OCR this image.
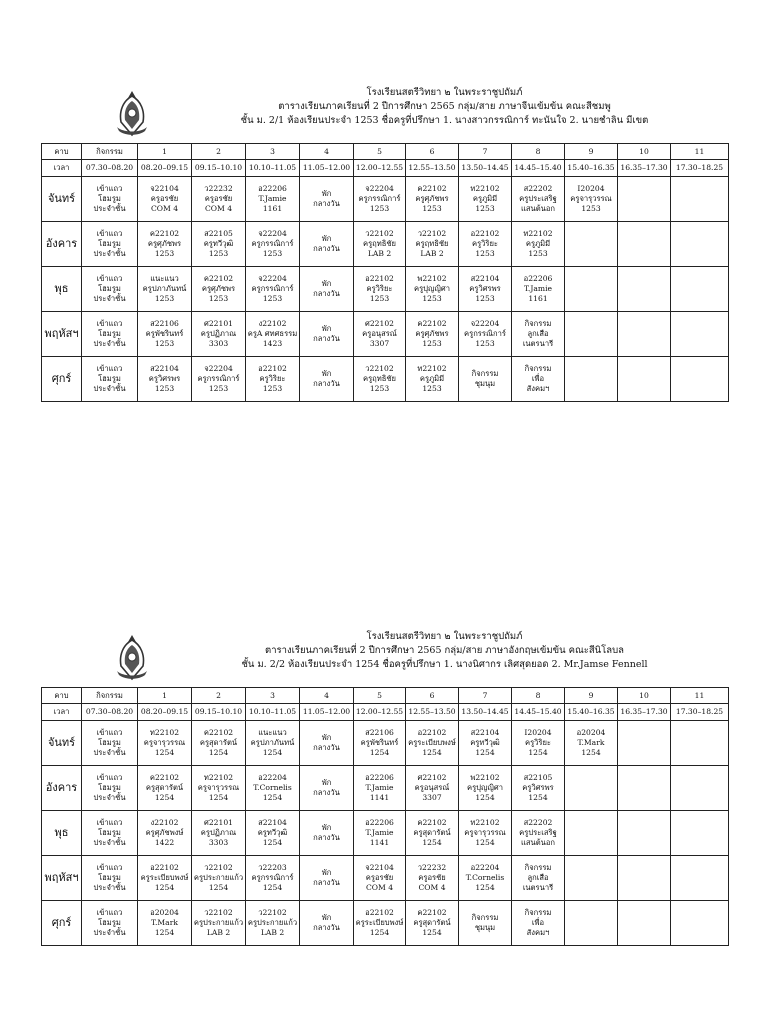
โรงเรียนสตรีวิทยา ๒ ในพระราชูปถัมภ์
ตารางเรียนภาคเรียนที่ 2 ปีการศึกษา 2565 กลุ่ม/สาย ภาษาจีนเข้มข้น คณะสีชมพู
ชั้น ม. 2/1 ห้องเรียนประจำ 1253 ชื่อครูที่ปรึกษา 1. นางสาวกรรณิการ์ ทะนันใจ 2. นายชำลิน มีเขต
คาบ	กิจกรรม	1	2	3	4	5	6	7	8	9	10	11
เวลา	07.30–08.20	08.20–09.15	09.15–10.10	10.10–11.05	11.05–12.00	12.00–12.55	12.55–13.50	13.50–14.45	14.45–15.40	15.40–16.35	16.35–17.30	17.30–18.25
จันทร์	เข้าแถว
โฮมรูม
ประจำชั้น	จ22104
ครูอรชัย
COM 4	ว22232
ครูอรชัย
COM 4	อ22206
T.Jamie
1161	พัก
กลางวัน	จ22204
ครูกรรณิการ์
1253	ค22102
ครูศุภัชพร
1253	ท22102
ครูภูมิมี
1253	ส22202
ครูประเสริฐ
แสนต้นอก	I20204
ครูจารุวรรณ
1253		

อังคาร	เข้าแถว
โฮมรูม
ประจำชั้น	ค22102
ครูศุภัชพร
1253	ส22105
ครูทวีวุฒิ
1253	จ22204
ครูกรรณิการ์
1253	พัก
กลางวัน	ว22102
ครูฤทธิชัย
LAB 2	ว22102
ครูฤทธิชัย
LAB 2	อ22102
ครูวิริยะ
1253	ท22102
ครูภูมิมี
1253			

พุธ	เข้าแถว
โฮมรูม
ประจำชั้น	แนะแนว
ครูปภาภันทน์
1253	ค22102
ครูศุภัชพร
1253	จ22204
ครูกรรณิการ์
1253	พัก
กลางวัน	อ22102
ครูวิริยะ
1253	พ22102
ครูปุญญิศา
1253	ส22104
ครูวิศรพร
1253	อ22206
T.Jamie
1161			

พฤหัสฯ	เข้าแถว
โฮมรูม
ประจำชั้น	ส22106
ครูพัชรินทร์
1253	ศ22101
ครูปฏิภาณ
3303	ง22102
ครูA ศทศธรรม
1423	พัก
กลางวัน	ศ22102
ครูอนุสรณ์
3307	ค22102
ครูศุภัชพร
1253	จ22204
ครูกรรณิการ์
1253	กิจกรรม
ลูกเสือ
เนตรนารี			

ศุกร์	เข้าแถว
โฮมรูม
ประจำชั้น	ส22104
ครูวิศรพร
1253	จ22204
ครูกรรณิการ์
1253	อ22102
ครูวิริยะ
1253	พัก
กลางวัน	ว22102
ครูฤทธิชัย
1253	ท22102
ครูภูมิมี
1253	กิจกรรม
ชุมนุม	กิจกรรม
เพื่อ
สังคมฯ			

โรงเรียนสตรีวิทยา ๒ ในพระราชูปถัมภ์
ตารางเรียนภาคเรียนที่ 2 ปีการศึกษา 2565 กลุ่ม/สาย ภาษาอังกฤษเข้มข้น คณะสีนิโลบล
ชั้น ม. 2/2 ห้องเรียนประจำ 1254 ชื่อครูที่ปรึกษา 1. นางนิศากร เลิศสุดยอด 2. Mr.Jamse Fennell
คาบ	กิจกรรม	1	2	3	4	5	6	7	8	9	10	11
เวลา	07.30–08.20	08.20–09.15	09.15–10.10	10.10–11.05	11.05–12.00	12.00–12.55	12.55–13.50	13.50–14.45	14.45–15.40	15.40–16.35	16.35–17.30	17.30–18.25
จันทร์	เข้าแถว
โฮมรูม
ประจำชั้น	ท22102
ครูจารุวรรณ
1254	ค22102
ครูสุดารัตน์
1254	แนะแนว
ครูปภาภันทน์
1254	พัก
กลางวัน	ส22106
ครูพัชรินทร์
1254	อ22102
ครูระเบียบพงษ์
1254	ส22104
ครูทวีวุฒิ
1254	I20204
ครูวิริยะ
1254	อ20204
T.Mark
1254		

อังคาร	เข้าแถว
โฮมรูม
ประจำชั้น	ค22102
ครูสุดารัตน์
1254	ท22102
ครูจารุวรรณ
1254	อ22204
T.Cornelis
1254	พัก
กลางวัน	อ22206
T.Jamie
1141	ศ22102
ครูอนุสรณ์
3307	พ22102
ครูปุญญิศา
1254	ส22105
ครูวิศรพร
1254			

พุธ	เข้าแถว
โฮมรูม
ประจำชั้น	ง22102
ครูศุภัชพงษ์
1422	ศ22101
ครูปฏิภาณ
3303	ส22104
ครูทวีวุฒิ
1254	พัก
กลางวัน	อ22206
T.Jamie
1141	ค22102
ครูสุดารัตน์
1254	ท22102
ครูจารุวรรณ
1254	ส22202
ครูประเสริฐ
แสนต้นอก			

พฤหัสฯ	เข้าแถว
โฮมรูม
ประจำชั้น	อ22102
ครูระเบียบพงษ์
1254	ว22102
ครูประกายแก้ว
1254	ว22203
ครูกรรณิการ์
1254	พัก
กลางวัน	จ22104
ครูอรชัย
COM 4	ว22232
ครูอรชัย
COM 4	อ22204
T.Cornelis
1254	กิจกรรม
ลูกเสือ
เนตรนารี			

ศุกร์	เข้าแถว
โฮมรูม
ประจำชั้น	อ20204
T.Mark
1254	ว22102
ครูประกายแก้ว
LAB 2	ว22102
ครูประกายแก้ว
LAB 2	พัก
กลางวัน	อ22102
ครูระเบียบพงษ์
1254	ค22102
ครูสุดารัตน์
1254	กิจกรรม
ชุมนุม	กิจกรรม
เพื่อ
สังคมฯ			
